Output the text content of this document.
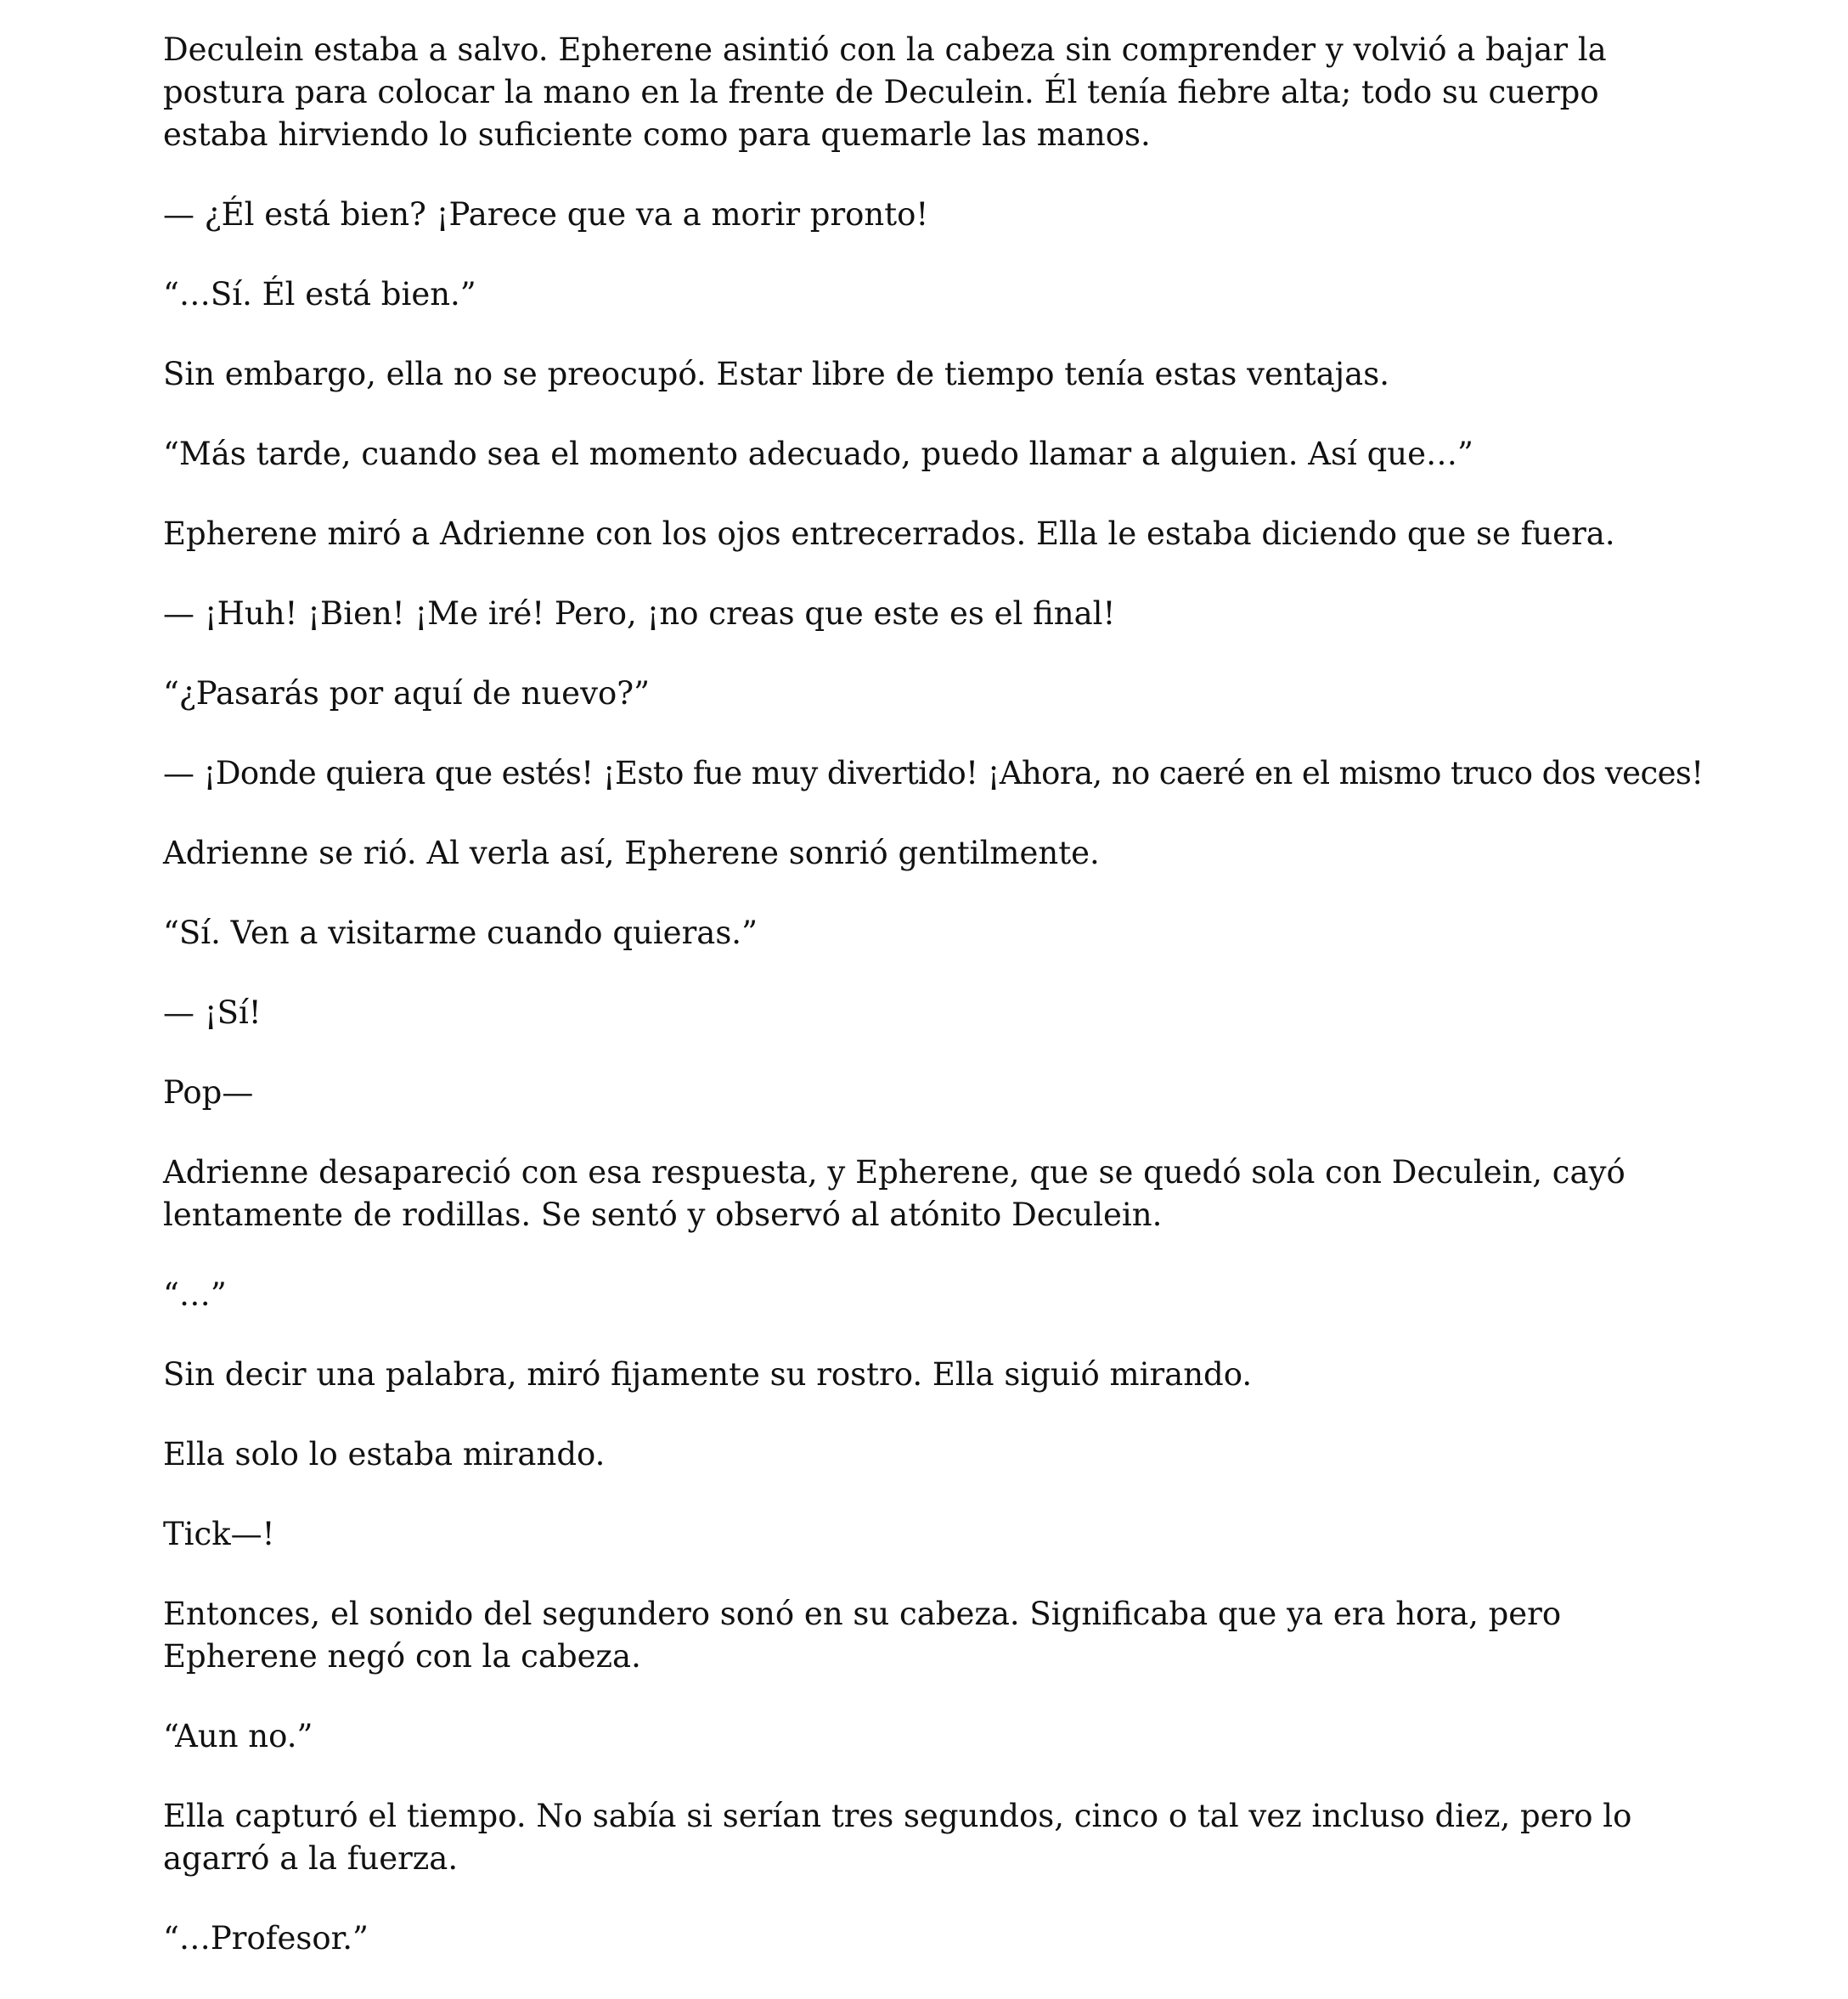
Deculein estaba a salvo. Epherene asintió con la cabeza sin comprender y volvió a bajar la postura para colocar la mano en la frente de Deculein. Él tenía fiebre alta; todo su cuerpo estaba hirviendo lo suficiente como para quemarle las manos.

— ¿Él está bien? ¡Parece que va a morir pronto!

“…Sí. Él está bien.”

Sin embargo, ella no se preocupó. Estar libre de tiempo tenía estas ventajas.

“Más tarde, cuando sea el momento adecuado, puedo llamar a alguien. Así que…”

Epherene miró a Adrienne con los ojos entrecerrados. Ella le estaba diciendo que se fuera.

— ¡Huh! ¡Bien! ¡Me iré! Pero, ¡no creas que este es el final!

“¿Pasarás por aquí de nuevo?”

— ¡Donde quiera que estés! ¡Esto fue muy divertido! ¡Ahora, no caeré en el mismo truco dos veces!

Adrienne se rió. Al verla así, Epherene sonrió gentilmente.

“Sí. Ven a visitarme cuando quieras.”

— ¡Sí!

Pop—

Adrienne desapareció con esa respuesta, y Epherene, que se quedó sola con Deculein, cayó lentamente de rodillas. Se sentó y observó al atónito Deculein.

“…”

Sin decir una palabra, miró fijamente su rostro. Ella siguió mirando.

Ella solo lo estaba mirando.

Tick—!

Entonces, el sonido del segundero sonó en su cabeza. Significaba que ya era hora, pero Epherene negó con la cabeza.

“Aun no.”

Ella capturó el tiempo. No sabía si serían tres segundos, cinco o tal vez incluso diez, pero lo agarró a la fuerza.

“…Profesor.”
